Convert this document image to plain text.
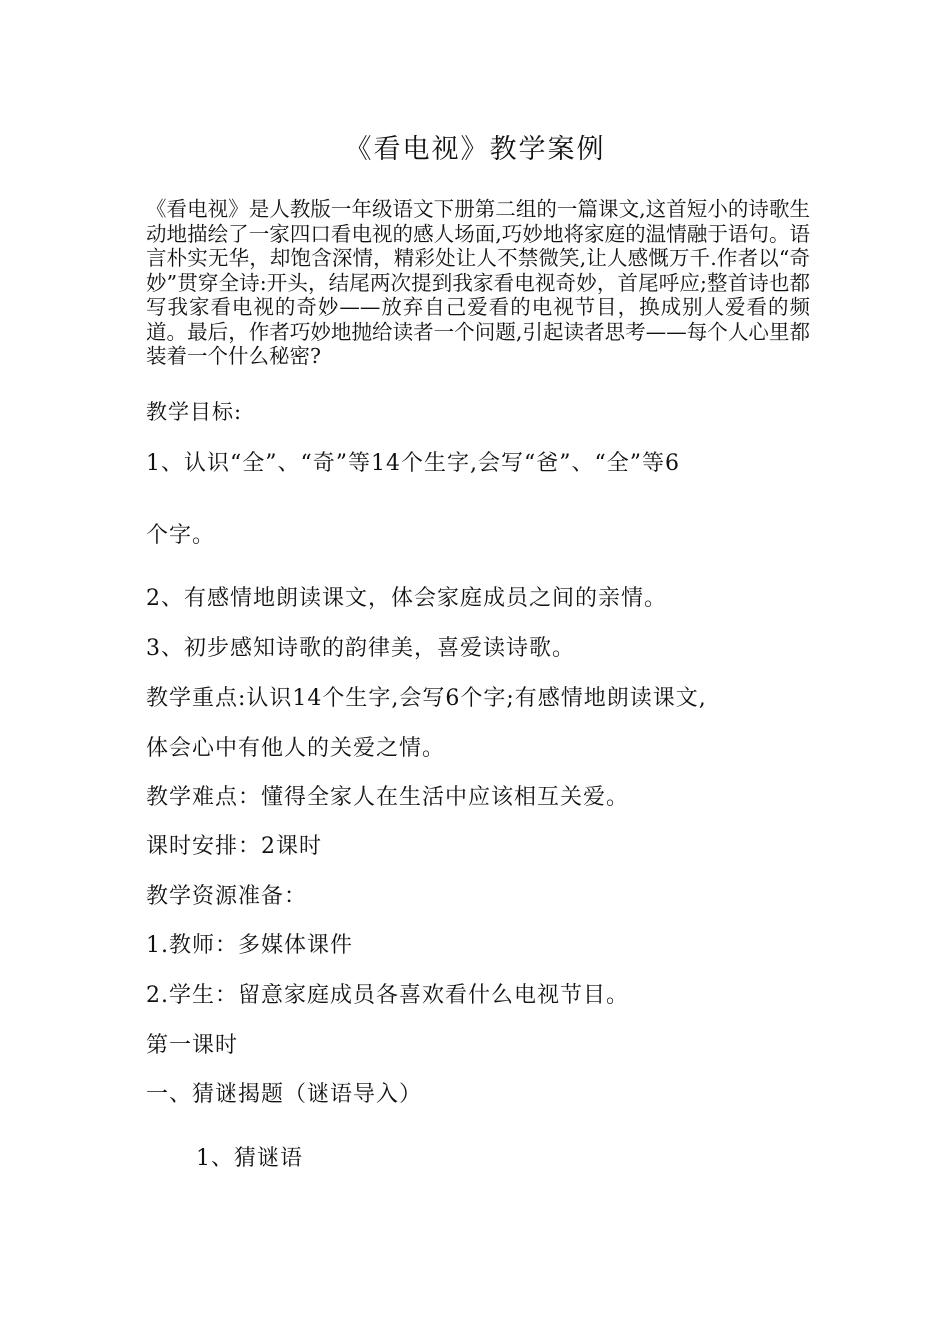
《看电视》教学案例
《看电视》是人教版一年级语文下册第二组的一篇课文,这首短小的诗歌生动地描绘了一家四口看电视的感人场面,巧妙地将家庭的温情融于语句。语言朴实无华，却饱含深情，精彩处让人不禁微笑,让人感慨万千.作者以“奇妙”贯穿全诗:开头，结尾两次提到我家看电视奇妙，首尾呼应;整首诗也都写我家看电视的奇妙——放弃自己爱看的电视节目，换成别人爱看的频道。最后，作者巧妙地抛给读者一个问题,引起读者思考——每个人心里都装着一个什么秘密?
教学目标:
1、认识“全”、“奇”等14个生字,会写“爸”、“全”等6
个字。
2、有感情地朗读课文，体会家庭成员之间的亲情。
3、初步感知诗歌的韵律美，喜爱读诗歌。
教学重点:认识14个生字,会写6个字;有感情地朗读课文,
体会心中有他人的关爱之情。
教学难点：懂得全家人在生活中应该相互关爱。
课时安排：2课时
教学资源准备：
1.教师：多媒体课件
2.学生：留意家庭成员各喜欢看什么电视节目。
第一课时
一、猜谜揭题（谜语导入）
1、猜谜语
